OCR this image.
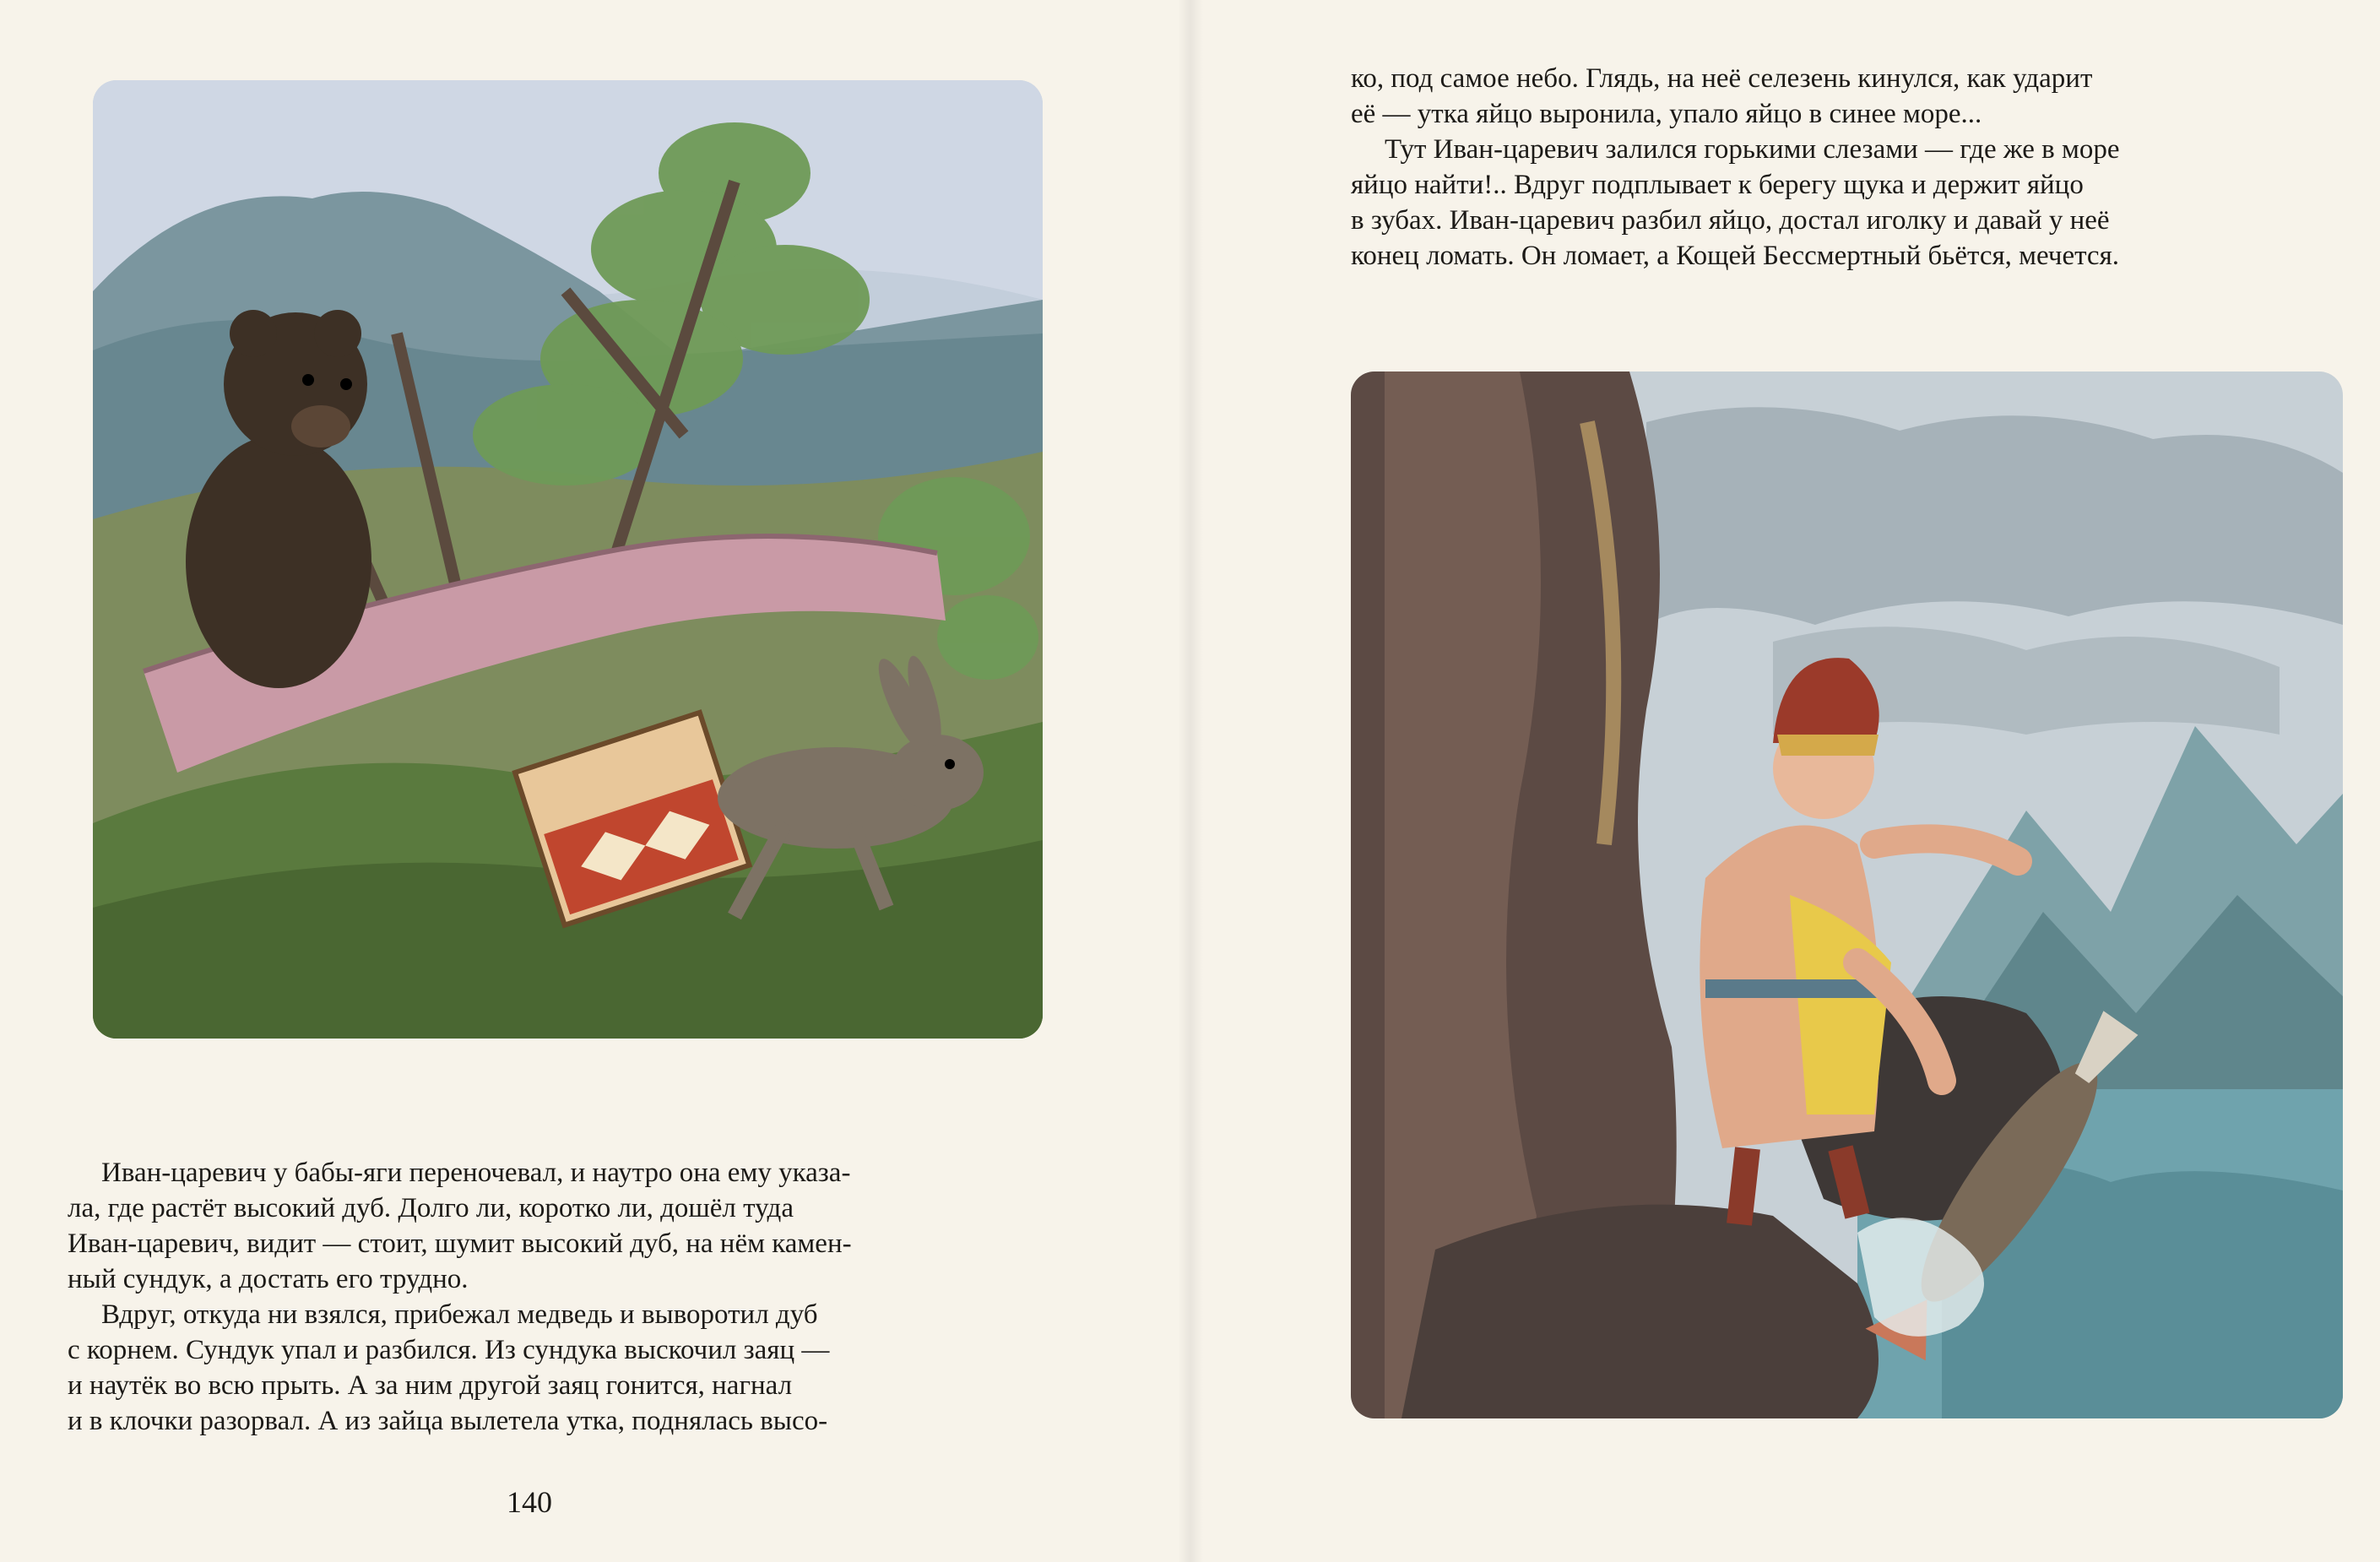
Иван-царевич у бабы-яги переночевал, и наутро она ему указа-
ла, где растёт высокий дуб. Долго ли, коротко ли, дошёл туда
Иван-царевич, видит — стоит, шумит высокий дуб, на нём камен-
ный сундук, а достать его трудно.

Вдруг, откуда ни взялся, прибежал медведь и выворотил дуб
с корнем. Сундук упал и разбился. Из сундука выскочил заяц —
и наутёк во всю прыть. А за ним другой заяц гонится, нагнал
и в клочки разорвал. А из зайца вылетела утка, поднялась высо-

140

ко, под самое небо. Глядь, на неё селезень кинулся, как ударит
её — утка яйцо выронила, упало яйцо в синее море...

Тут Иван-царевич залился горькими слезами — где же в море
яйцо найти!.. Вдруг подплывает к берегу щука и держит яйцо
в зубах. Иван-царевич разбил яйцо, достал иголку и давай у неё
конец ломать. Он ломает, а Кощей Бессмертный бьётся, мечется.
